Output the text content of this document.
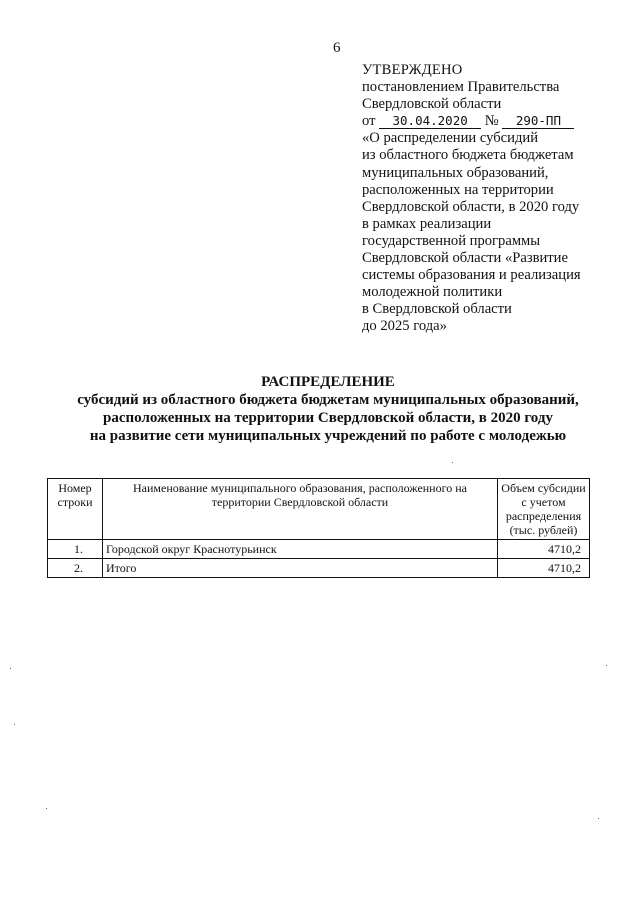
6
УТВЕРЖДЕНО
постановлением Правительства
Свердловской области
от 30.04.2020 № 290-ПП
«О распределении субсидий
из областного бюджета бюджетам
муниципальных образований,
расположенных на территории
Свердловской области, в 2020 году
в рамках реализации
государственной программы
Свердловской области «Развитие
системы образования и реализация
молодежной политики
в Свердловской области
до 2025 года»
РАСПРЕДЕЛЕНИЕ
субсидий из областного бюджета бюджетам муниципальных образований,
расположенных на территории Свердловской области, в 2020 году
на развитие сети муниципальных учреждений по работе с молодежью
Номер строки	Наименование муниципального образования, расположенного на территории Свердловской области	Объем субсидии с учетом распределения (тыс. рублей)
1.	Городской округ Краснотурьинск	4710,2
2.	Итого	4710,2
